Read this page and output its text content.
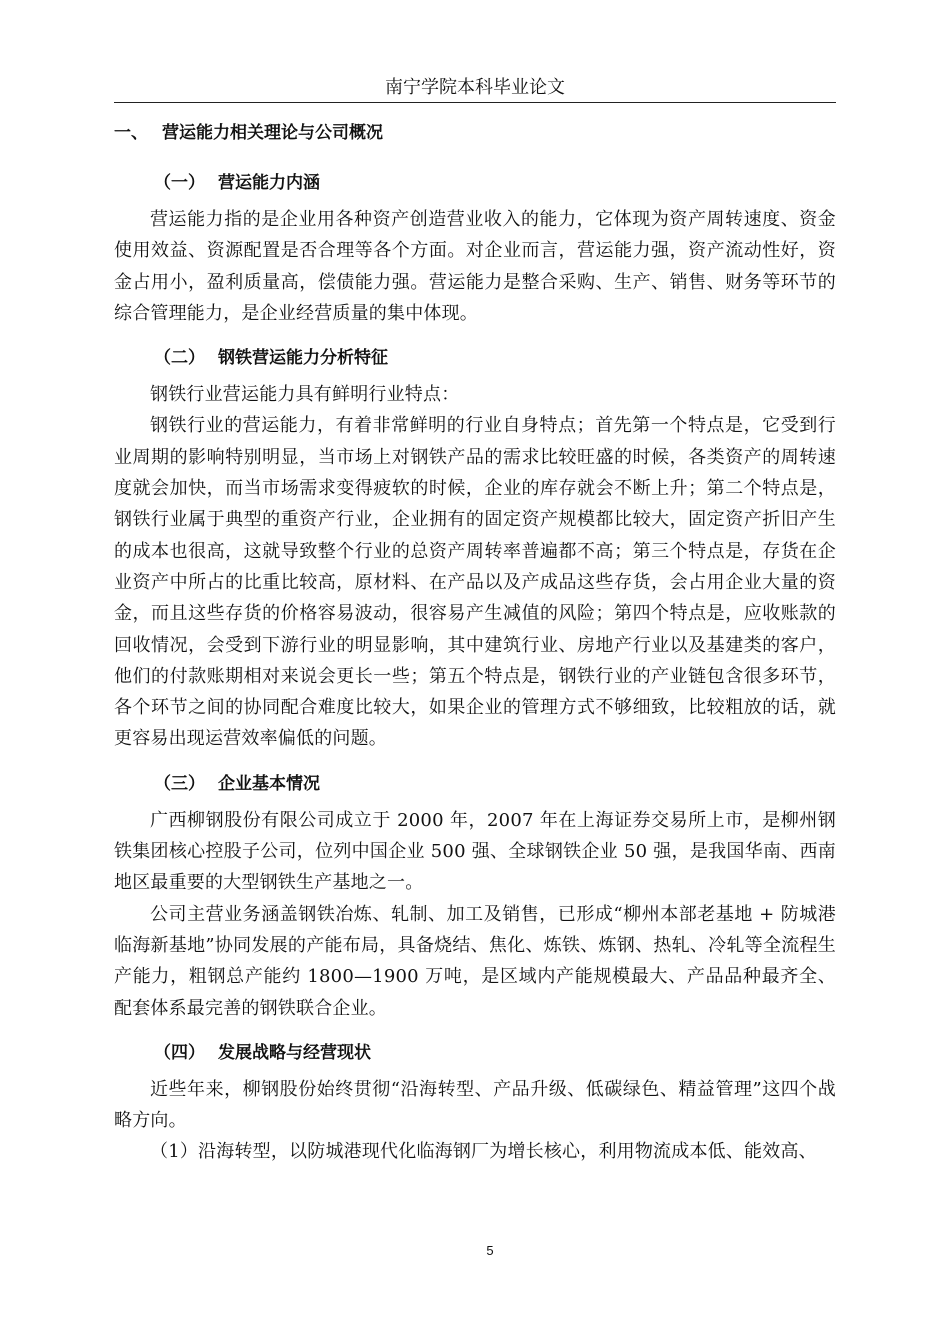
南宁学院本科毕业论文
一、 营运能力相关理论与公司概况
（一） 营运能力内涵

营运能力指的是企业用各种资产创造营业收入的能力，它体现为资产周转速度、资金使用效益、资源配置是否合理等各个方面。对企业而言，营运能力强，资产流动性好，资金占用小，盈利质量高，偿债能力强。营运能力是整合采购、生产、销售、财务等环节的综合管理能力，是企业经营质量的集中体现。

（二） 钢铁营运能力分析特征

钢铁行业营运能力具有鲜明行业特点：

钢铁行业的营运能力，有着非常鲜明的行业自身特点；首先第一个特点是，它受到行业周期的影响特别明显，当市场上对钢铁产品的需求比较旺盛的时候，各类资产的周转速度就会加快，而当市场需求变得疲软的时候，企业的库存就会不断上升；第二个特点是，钢铁行业属于典型的重资产行业，企业拥有的固定资产规模都比较大，固定资产折旧产生的成本也很高，这就导致整个行业的总资产周转率普遍都不高；第三个特点是，存货在企业资产中所占的比重比较高，原材料、在产品以及产成品这些存货，会占用企业大量的资金，而且这些存货的价格容易波动，很容易产生减值的风险；第四个特点是，应收账款的回收情况，会受到下游行业的明显影响，其中建筑行业、房地产行业以及基建类的客户，他们的付款账期相对来说会更长一些；第五个特点是，钢铁行业的产业链包含很多环节，各个环节之间的协同配合难度比较大，如果企业的管理方式不够细致，比较粗放的话，就更容易出现运营效率偏低的问题。

（三） 企业基本情况

广西柳钢股份有限公司成立于 2000 年，2007 年在上海证券交易所上市，是柳州钢铁集团核心控股子公司，位列中国企业 500 强、全球钢铁企业 50 强，是我国华南、西南地区最重要的大型钢铁生产基地之一。

公司主营业务涵盖钢铁冶炼、轧制、加工及销售，已形成“柳州本部老基地 + 防城港临海新基地”协同发展的产能布局，具备烧结、焦化、炼铁、炼钢、热轧、冷轧等全流程生产能力，粗钢总产能约 1800—1900 万吨，是区域内产能规模最大、产品品种最齐全、配套体系最完善的钢铁联合企业。

（四） 发展战略与经营现状

近些年来，柳钢股份始终贯彻“沿海转型、产品升级、低碳绿色、精益管理”这四个战略方向。

（1）沿海转型，以防城港现代化临海钢厂为增长核心，利用物流成本低、能效高、

5
